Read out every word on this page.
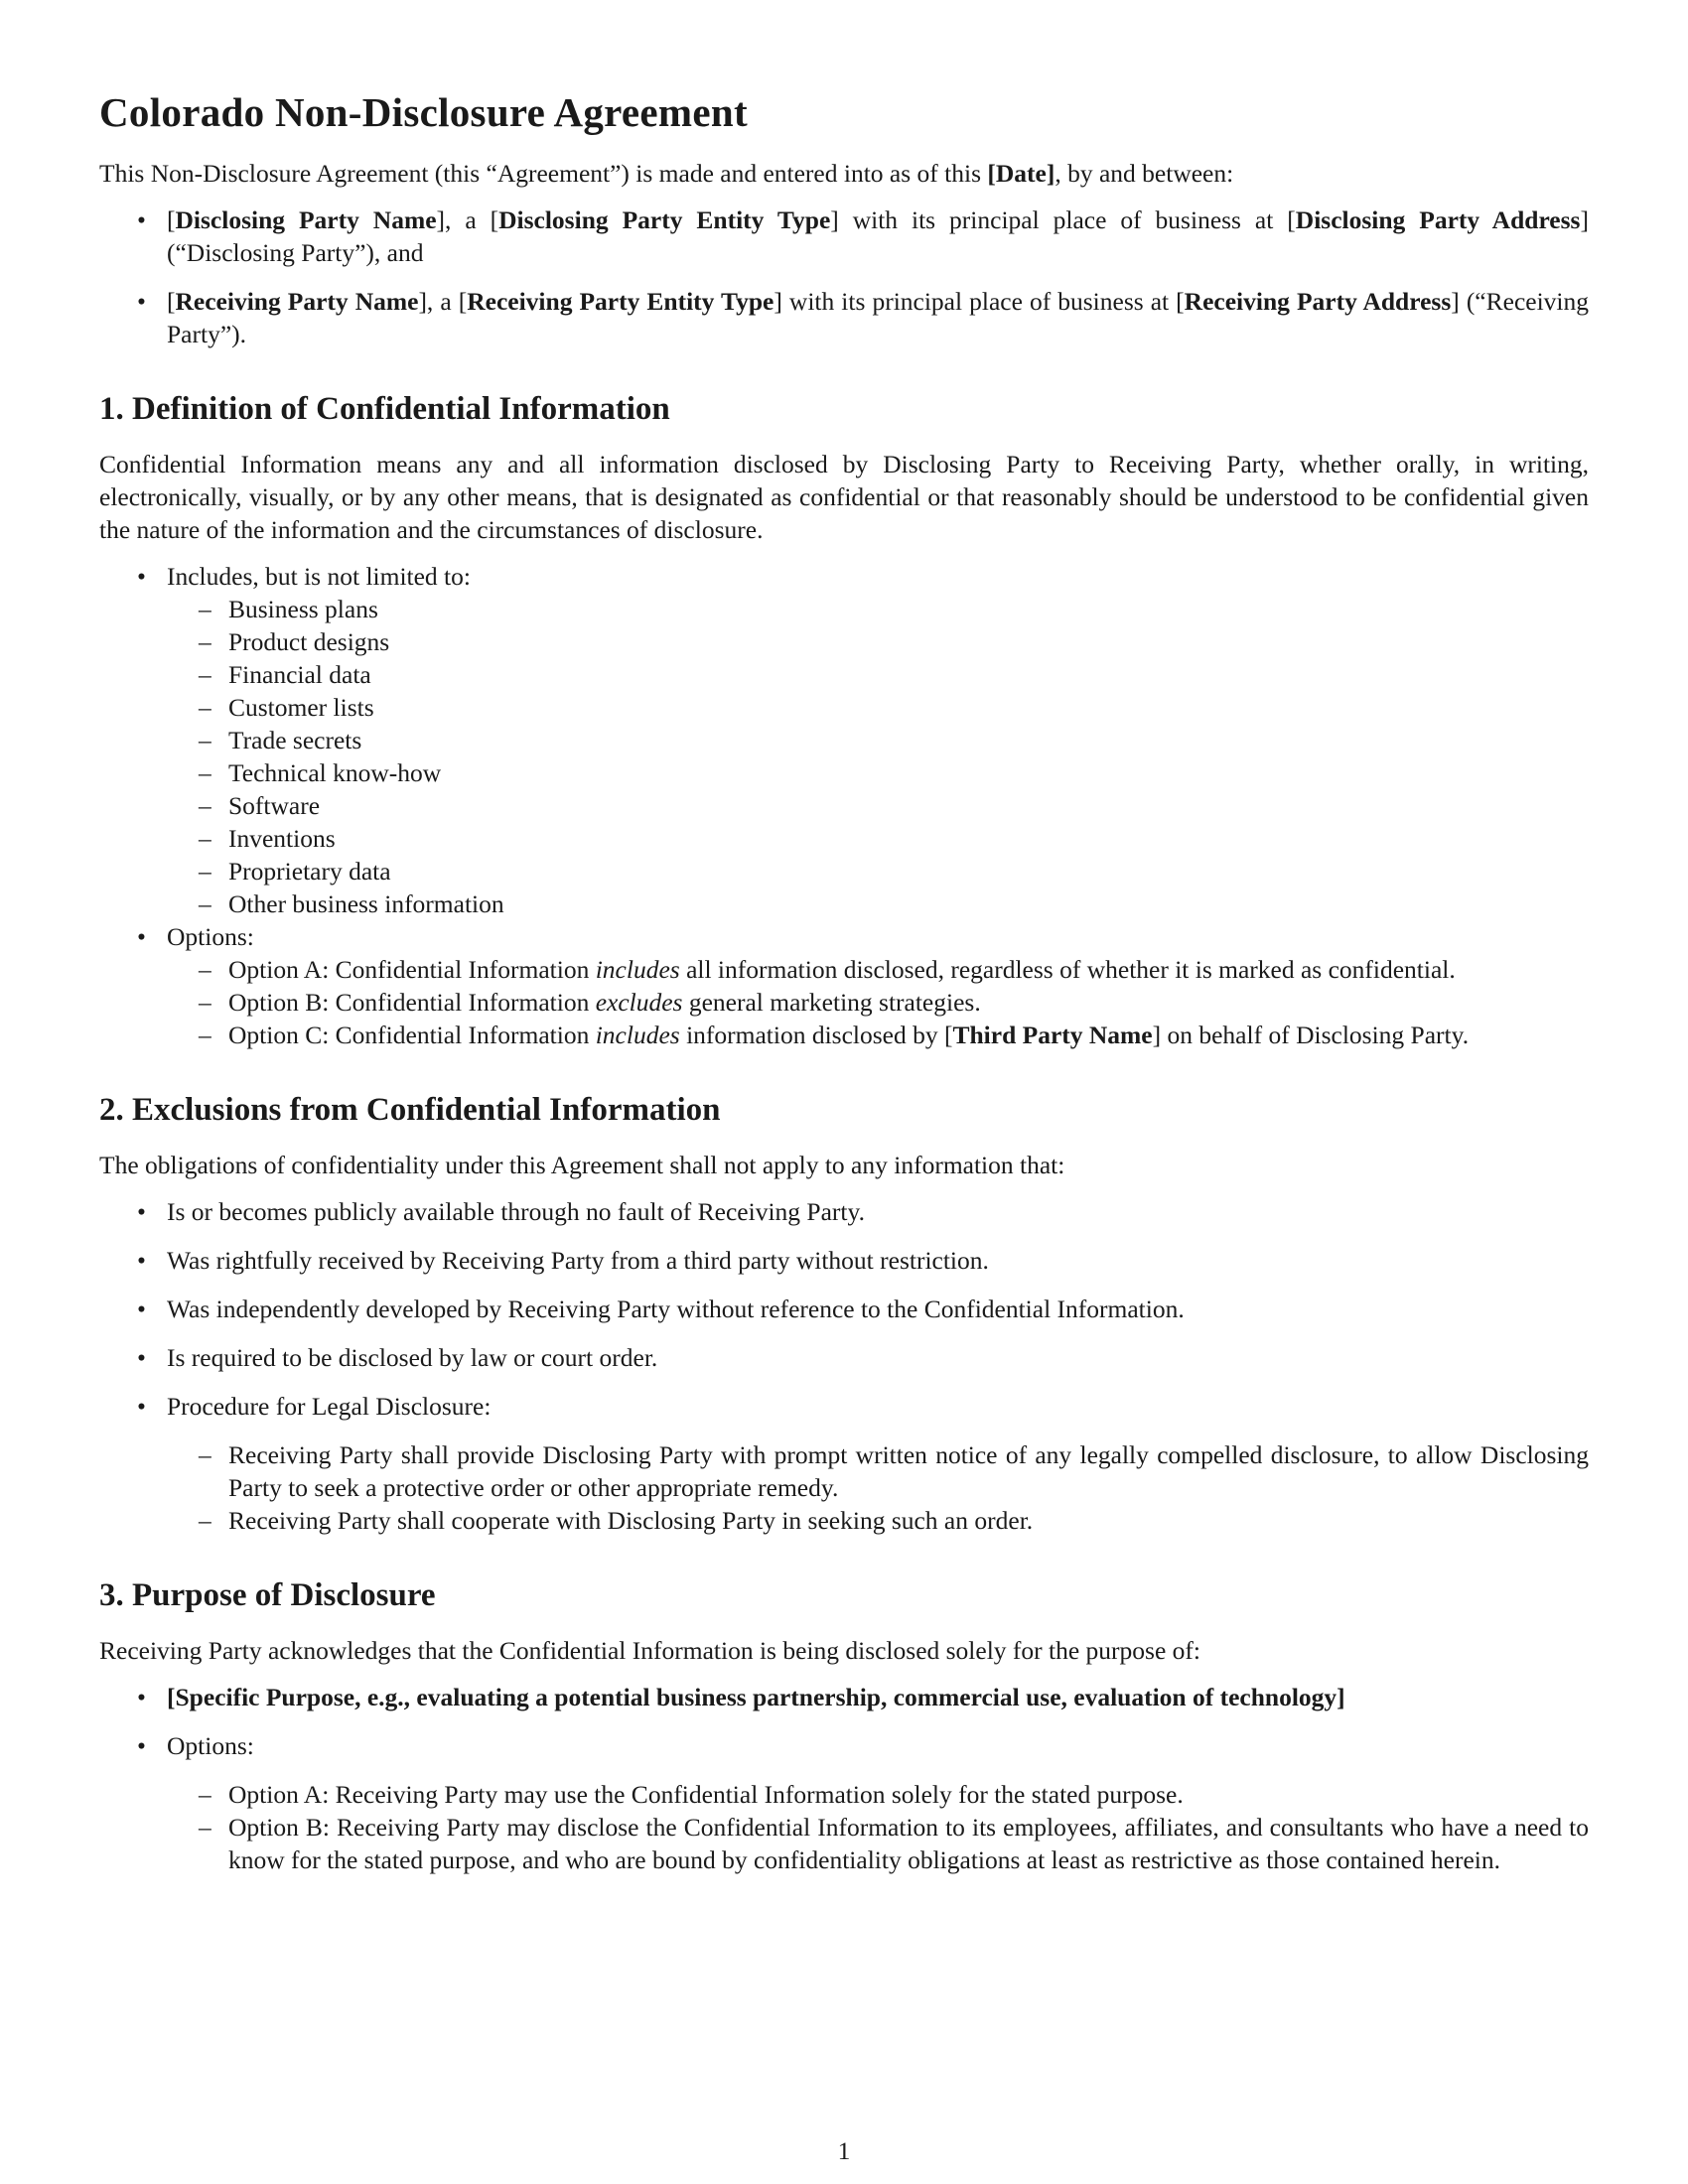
Colorado Non-Disclosure Agreement

This Non-Disclosure Agreement (this “Agreement”) is made and entered into as of this [Date], by and between:

• [Disclosing Party Name], a [Disclosing Party Entity Type] with its principal place of business at [Disclosing Party Address] (“Disclosing Party”), and
• [Receiving Party Name], a [Receiving Party Entity Type] with its principal place of business at [Receiving Party Address] (“Receiving Party”).
1. Definition of Confidential Information

Confidential Information means any and all information disclosed by Disclosing Party to Receiving Party, whether orally, in writing, electronically, visually, or by any other means, that is designated as confidential or that reasonably should be understood to be confidential given the nature of the information and the circumstances of disclosure.

• Includes, but is not limited to:
– Business plans
– Product designs
– Financial data
– Customer lists
– Trade secrets
– Technical know-how
– Software
– Inventions
– Proprietary data
– Other business information
• Options:
– Option A: Confidential Information includes all information disclosed, regardless of whether it is marked as confidential.
– Option B: Confidential Information excludes general marketing strategies.
– Option C: Confidential Information includes information disclosed by [Third Party Name] on behalf of Disclosing Party.
2. Exclusions from Confidential Information

The obligations of confidentiality under this Agreement shall not apply to any information that:

• Is or becomes publicly available through no fault of Receiving Party.
• Was rightfully received by Receiving Party from a third party without restriction.
• Was independently developed by Receiving Party without reference to the Confidential Information.
• Is required to be disclosed by law or court order.
• Procedure for Legal Disclosure:
– Receiving Party shall provide Disclosing Party with prompt written notice of any legally compelled disclosure, to allow Disclosing Party to seek a protective order or other appropriate remedy.
– Receiving Party shall cooperate with Disclosing Party in seeking such an order.
3. Purpose of Disclosure

Receiving Party acknowledges that the Confidential Information is being disclosed solely for the purpose of:

• [Specific Purpose, e.g., evaluating a potential business partnership, commercial use, evaluation of technology]
• Options:
– Option A: Receiving Party may use the Confidential Information solely for the stated purpose.
– Option B: Receiving Party may disclose the Confidential Information to its employees, affiliates, and consultants who have a need to know for the stated purpose, and who are bound by confidentiality obligations at least as restrictive as those contained herein.
1
